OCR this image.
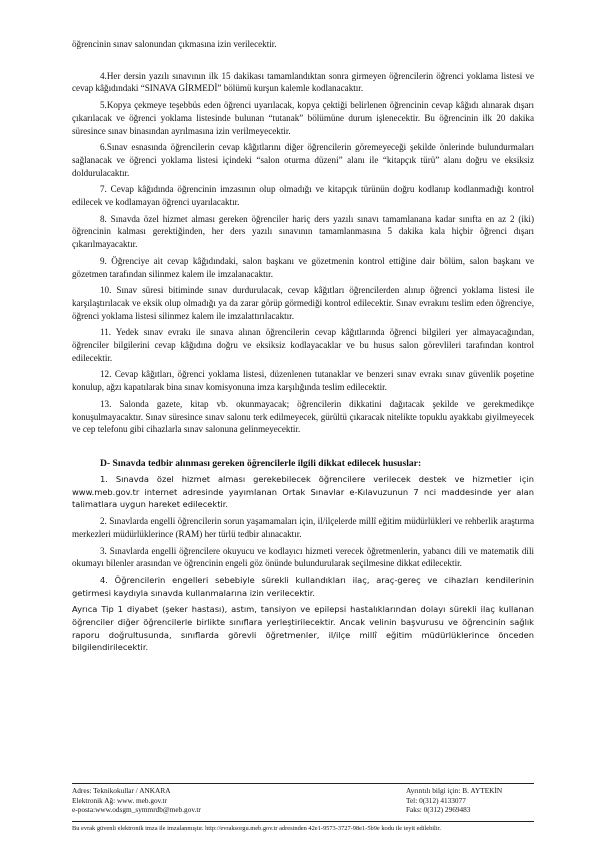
öğrencinin sınav salonundan çıkmasına izin verilecektir.

4.Her dersin yazılı sınavının ilk 15 dakikası tamamlandıktan sonra girmeyen öğrencilerin öğrenci yoklama listesi ve cevap kâğıdındaki “SINAVA GİRMEDİ” bölümü kurşun kalemle kodlanacaktır.

5.Kopya çekmeye teşebbüs eden öğrenci uyarılacak, kopya çektiği belirlenen öğrencinin cevap kâğıdı alınarak dışarı çıkarılacak ve öğrenci yoklama listesinde bulunan “tutanak” bölümüne durum işlenecektir. Bu öğrencinin ilk 20 dakika süresince sınav binasından ayrılmasına izin verilmeyecektir.

6.Sınav esnasında öğrencilerin cevap kâğıtlarını diğer öğrencilerin göremeyeceği şekilde önlerinde bulundurmaları sağlanacak ve öğrenci yoklama listesi içindeki “salon oturma düzeni” alanı ile “kitapçık türü” alanı doğru ve eksiksiz doldurulacaktır.

7. Cevap kâğıdında öğrencinin imzasının olup olmadığı ve kitapçık türünün doğru kodlanıp kodlanmadığı kontrol edilecek ve kodlamayan öğrenci uyarılacaktır.

8. Sınavda özel hizmet alması gereken öğrenciler hariç ders yazılı sınavı tamamlanana kadar sınıfta en az 2 (iki) öğrencinin kalması gerektiğinden, her ders yazılı sınavının tamamlanmasına 5 dakika kala hiçbir öğrenci dışarı çıkarılmayacaktır.

9. Öğrenciye ait cevap kâğıdındaki, salon başkanı ve gözetmenin kontrol ettiğine dair bölüm, salon başkanı ve gözetmen tarafından silinmez kalem ile imzalanacaktır.

10. Sınav süresi bitiminde sınav durdurulacak, cevap kâğıtları öğrencilerden alınıp öğrenci yoklama listesi ile karşılaştırılacak ve eksik olup olmadığı ya da zarar görüp görmediği kontrol edilecektir. Sınav evrakını teslim eden öğrenciye, öğrenci yoklama listesi silinmez kalem ile imzalattırılacaktır.

11. Yedek sınav evrakı ile sınava alınan öğrencilerin cevap kâğıtlarında öğrenci bilgileri yer almayacağından, öğrenciler bilgilerini cevap kâğıdına doğru ve eksiksiz kodlayacaklar ve bu husus salon görevlileri tarafından kontrol edilecektir.

12. Cevap kâğıtları, öğrenci yoklama listesi, düzenlenen tutanaklar ve benzeri sınav evrakı sınav güvenlik poşetine konulup, ağzı kapatılarak bina sınav komisyonuna imza karşılığında teslim edilecektir.

13. Salonda gazete, kitap vb. okunmayacak; öğrencilerin dikkatini dağıtacak şekilde ve gerekmedikçe konuşulmayacaktır. Sınav süresince sınav salonu terk edilmeyecek, gürültü çıkaracak nitelikte topuklu ayakkabı giyilmeyecek ve cep telefonu gibi cihazlarla sınav salonuna gelinmeyecektir.

D- Sınavda tedbir alınması gereken öğrencilerle ilgili dikkat edilecek hususlar:

1. Sınavda özel hizmet alması gerekebilecek öğrencilere verilecek destek ve hizmetler için www.meb.gov.tr internet adresinde yayımlanan Ortak Sınavlar e-Kılavuzunun 7 nci maddesinde yer alan talimatlara uygun hareket edilecektir.

2. Sınavlarda engelli öğrencilerin sorun yaşamamaları için, il/ilçelerde millî eğitim müdürlükleri ve rehberlik araştırma merkezleri müdürlüklerince (RAM) her türlü tedbir alınacaktır.

3. Sınavlarda engelli öğrencilere okuyucu ve kodlayıcı hizmeti verecek öğretmenlerin, yabancı dili ve matematik dili okumayı bilenler arasından ve öğrencinin engeli göz önünde bulundurularak seçilmesine dikkat edilecektir.

4. Öğrencilerin engelleri sebebiyle sürekli kullandıkları ilaç, araç-gereç ve cihazları kendilerinin getirmesi kaydıyla sınavda kullanmalarına izin verilecektir.

Ayrıca Tip 1 diyabet (şeker hastası), astım, tansiyon ve epilepsi hastalıklarından dolayı sürekli ilaç kullanan öğrenciler diğer öğrencilerle birlikte sınıflara yerleştirilecektir. Ancak velinin başvurusu ve öğrencinin sağlık raporu doğrultusunda, sınıflarda görevli öğretmenler, il/ilçe millî eğitim müdürlüklerince önceden bilgilendirilecektir.

Adres: Teknikokullar / ANKARA	Ayrıntılı bilgi için: B. AYTEKİN
Elektronik Ağ: www. meb.gov.tr	Tel: 0(312) 4133077
e-posta:www.odsgm_symmrdb@meb.gov.tr	Faks: 0(312) 2969483
Bu evrak güvenli elektronik imza ile imzalanmıştır. http://evraksorgu.meb.gov.tr adresinden 42e1-9573-3727-98e1-5b9e kodu ile teyit edilebilir.
